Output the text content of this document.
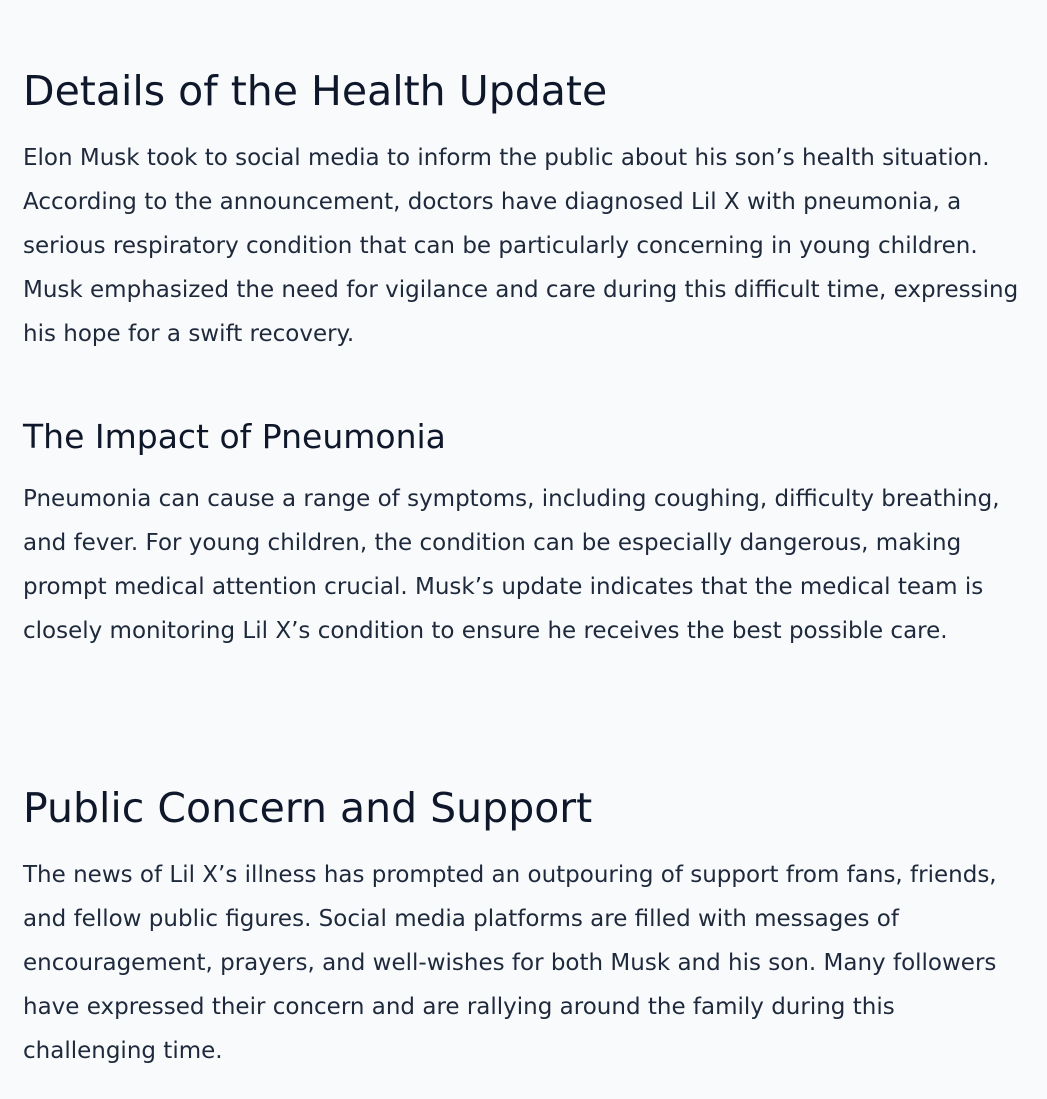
Details of the Health Update

Elon Musk took to social media to inform the public about his son’s health situation. According to the announcement, doctors have diagnosed Lil X with pneumonia, a serious respiratory condition that can be particularly concerning in young children. Musk emphasized the need for vigilance and care during this difficult time, expressing his hope for a swift recovery.

The Impact of Pneumonia

Pneumonia can cause a range of symptoms, including coughing, difficulty breathing, and fever. For young children, the condition can be especially dangerous, making prompt medical attention crucial. Musk’s update indicates that the medical team is closely monitoring Lil X’s condition to ensure he receives the best possible care.

Public Concern and Support

The news of Lil X’s illness has prompted an outpouring of support from fans, friends, and fellow public figures. Social media platforms are filled with messages of encouragement, prayers, and well-wishes for both Musk and his son. Many followers have expressed their concern and are rallying around the family during this challenging time.
